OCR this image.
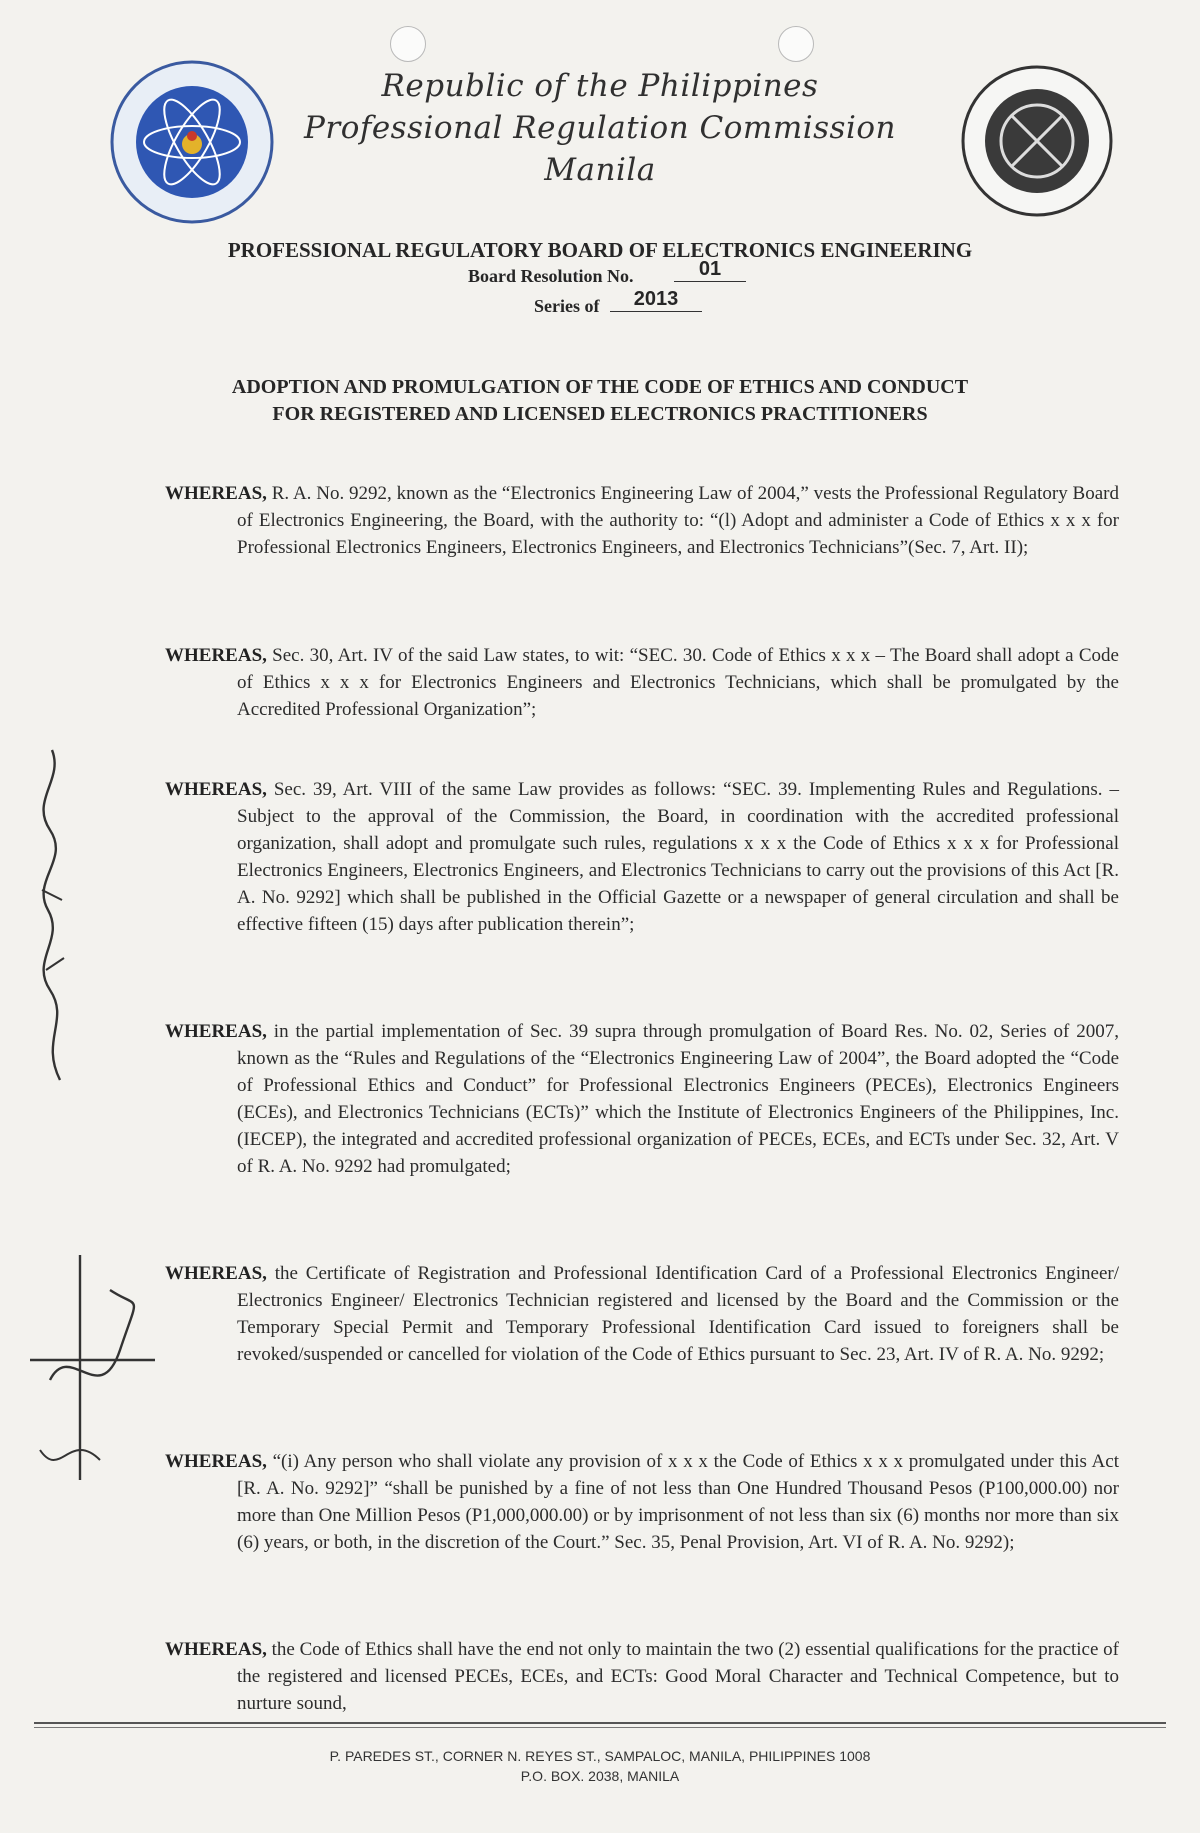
Republic of the Philippines
Professional Regulation Commission
Manila
PROFESSIONAL REGULATORY BOARD OF ELECTRONICS ENGINEERING
Board Resolution No.	01
Series of	2013
ADOPTION AND PROMULGATION OF THE CODE OF ETHICS AND CONDUCT
FOR REGISTERED AND LICENSED ELECTRONICS PRACTITIONERS
WHEREAS, R. A. No. 9292, known as the “Electronics Engineering Law of 2004,” vests the Professional Regulatory Board of Electronics Engineering, the Board, with the authority to: “(l) Adopt and administer a Code of Ethics x x x for Professional Electronics Engineers, Electronics Engineers, and Electronics Technicians”(Sec. 7, Art. II);
WHEREAS, Sec. 30, Art. IV of the said Law states, to wit: “SEC. 30. Code of Ethics x x x – The Board shall adopt a Code of Ethics x x x for Electronics Engineers and Electronics Technicians, which shall be promulgated by the Accredited Professional Organization”;
WHEREAS, Sec. 39, Art. VIII of the same Law provides as follows: “SEC. 39. Implementing Rules and Regulations. – Subject to the approval of the Commission, the Board, in coordination with the accredited professional organization, shall adopt and promulgate such rules, regulations x x x the Code of Ethics x x x for Professional Electronics Engineers, Electronics Engineers, and Electronics Technicians to carry out the provisions of this Act [R. A. No. 9292] which shall be published in the Official Gazette or a newspaper of general circulation and shall be effective fifteen (15) days after publication therein”;
WHEREAS, in the partial implementation of Sec. 39 supra through promulgation of Board Res. No. 02, Series of 2007, known as the “Rules and Regulations of the “Electronics Engineering Law of 2004”, the Board adopted the “Code of Professional Ethics and Conduct” for Professional Electronics Engineers (PECEs), Electronics Engineers (ECEs), and Electronics Technicians (ECTs)” which the Institute of Electronics Engineers of the Philippines, Inc. (IECEP), the integrated and accredited professional organization of PECEs, ECEs, and ECTs under Sec. 32, Art. V of R. A. No. 9292 had promulgated;
WHEREAS, the Certificate of Registration and Professional Identification Card of a Professional Electronics Engineer/ Electronics Engineer/ Electronics Technician registered and licensed by the Board and the Commission or the Temporary Special Permit and Temporary Professional Identification Card issued to foreigners shall be revoked/suspended or cancelled for violation of the Code of Ethics pursuant to Sec. 23, Art. IV of R. A. No. 9292;
WHEREAS, “(i) Any person who shall violate any provision of x x x the Code of Ethics x x x promulgated under this Act [R. A. No. 9292]” “shall be punished by a fine of not less than One Hundred Thousand Pesos (P100,000.00) nor more than One Million Pesos (P1,000,000.00) or by imprisonment of not less than six (6) months nor more than six (6) years, or both, in the discretion of the Court.” Sec. 35, Penal Provision, Art. VI of R. A. No. 9292);
WHEREAS, the Code of Ethics shall have the end not only to maintain the two (2) essential qualifications for the practice of the registered and licensed PECEs, ECEs, and ECTs: Good Moral Character and Technical Competence, but to nurture sound,
P. PAREDES ST., CORNER N. REYES ST., SAMPALOC, MANILA, PHILIPPINES 1008
P.O. BOX. 2038, MANILA
